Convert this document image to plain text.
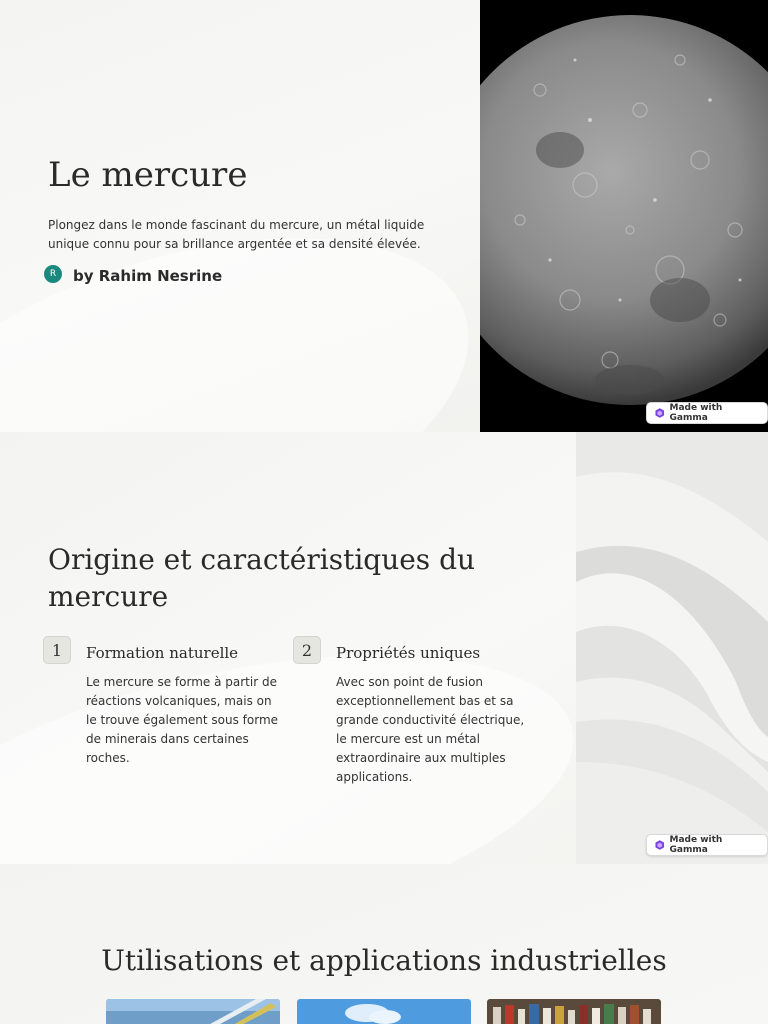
Le mercure

Plongez dans le monde fascinant du mercure, un métal liquide unique connu pour sa brillance argentée et sa densité élevée.

R	by Rahim Nesrine
Made with Gamma
Origine et caractéristiques du mercure
1	Formation naturelle
Le mercure se forme à partir de réactions volcaniques, mais on le trouve également sous forme de minerais dans certaines roches.
2	Propriétés uniques
Avec son point de fusion exceptionnellement bas et sa grande conductivité électrique, le mercure est un métal extraordinaire aux multiples applications.
Made with Gamma
Utilisations et applications industrielles
